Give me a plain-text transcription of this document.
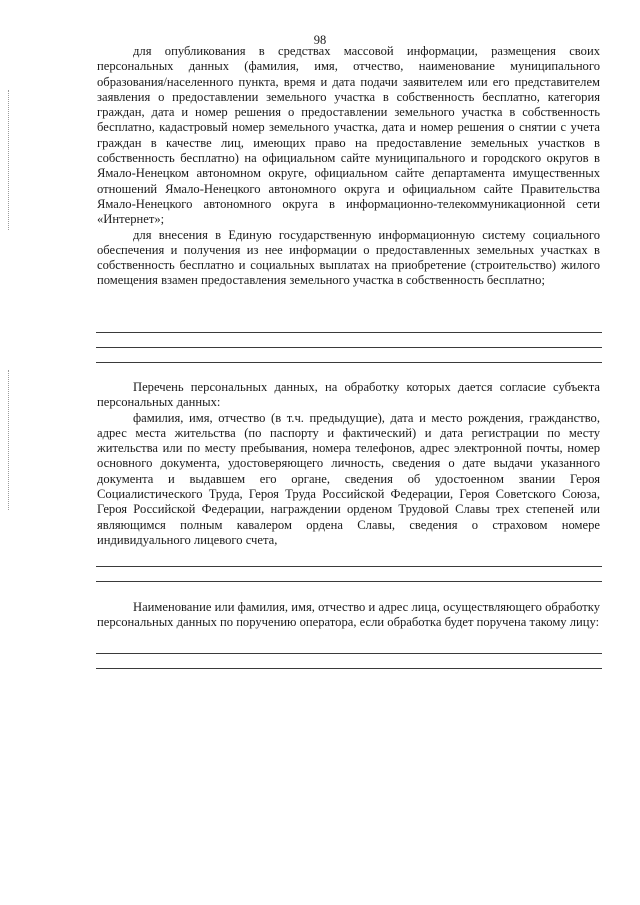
98

для опубликования в средствах массовой информации, размещения своих персональных данных (фамилия, имя, отчество, наименование муниципального образования/населенного пункта, время и дата подачи заявителем или его представителем заявления о предоставлении земельного участка в собственность бесплатно, категория граждан, дата и номер решения о предоставлении земельного участка в собственность бесплатно, кадастровый номер земельного участка, дата и номер решения о снятии с учета граждан в качестве лиц, имеющих право на предоставление земельных участков в собственность бесплатно) на официальном сайте муниципального и городского округов в Ямало-Ненецком автономном округе, официальном сайте департамента имущественных отношений Ямало-Ненецкого автономного округа и официальном сайте Правительства Ямало-Ненецкого автономного округа в информационно-телекоммуникационной сети «Интернет»;

для внесения в Единую государственную информационную систему социального обеспечения и получения из нее информации о предоставленных земельных участках в собственность бесплатно и социальных выплатах на приобретение (строительство) жилого помещения взамен предоставления земельного участка в собственность бесплатно;

Перечень персональных данных, на обработку которых дается согласие субъекта персональных данных:

фамилия, имя, отчество (в т.ч. предыдущие), дата и место рождения, гражданство, адрес места жительства (по паспорту и фактический) и дата регистрации по месту жительства или по месту пребывания, номера телефонов, адрес электронной почты, номер основного документа, удостоверяющего личность, сведения о дате выдачи указанного документа и выдавшем его органе, сведения об удостоенном звании Героя Социалистического Труда, Героя Труда Российской Федерации, Героя Советского Союза, Героя Российской Федерации, награждении орденом Трудовой Славы трех степеней или являющимся полным кавалером ордена Славы, сведения о страховом номере индивидуального лицевого счета,

Наименование или фамилия, имя, отчество и адрес лица, осуществляющего обработку персональных данных по поручению оператора, если обработка будет поручена такому лицу:
